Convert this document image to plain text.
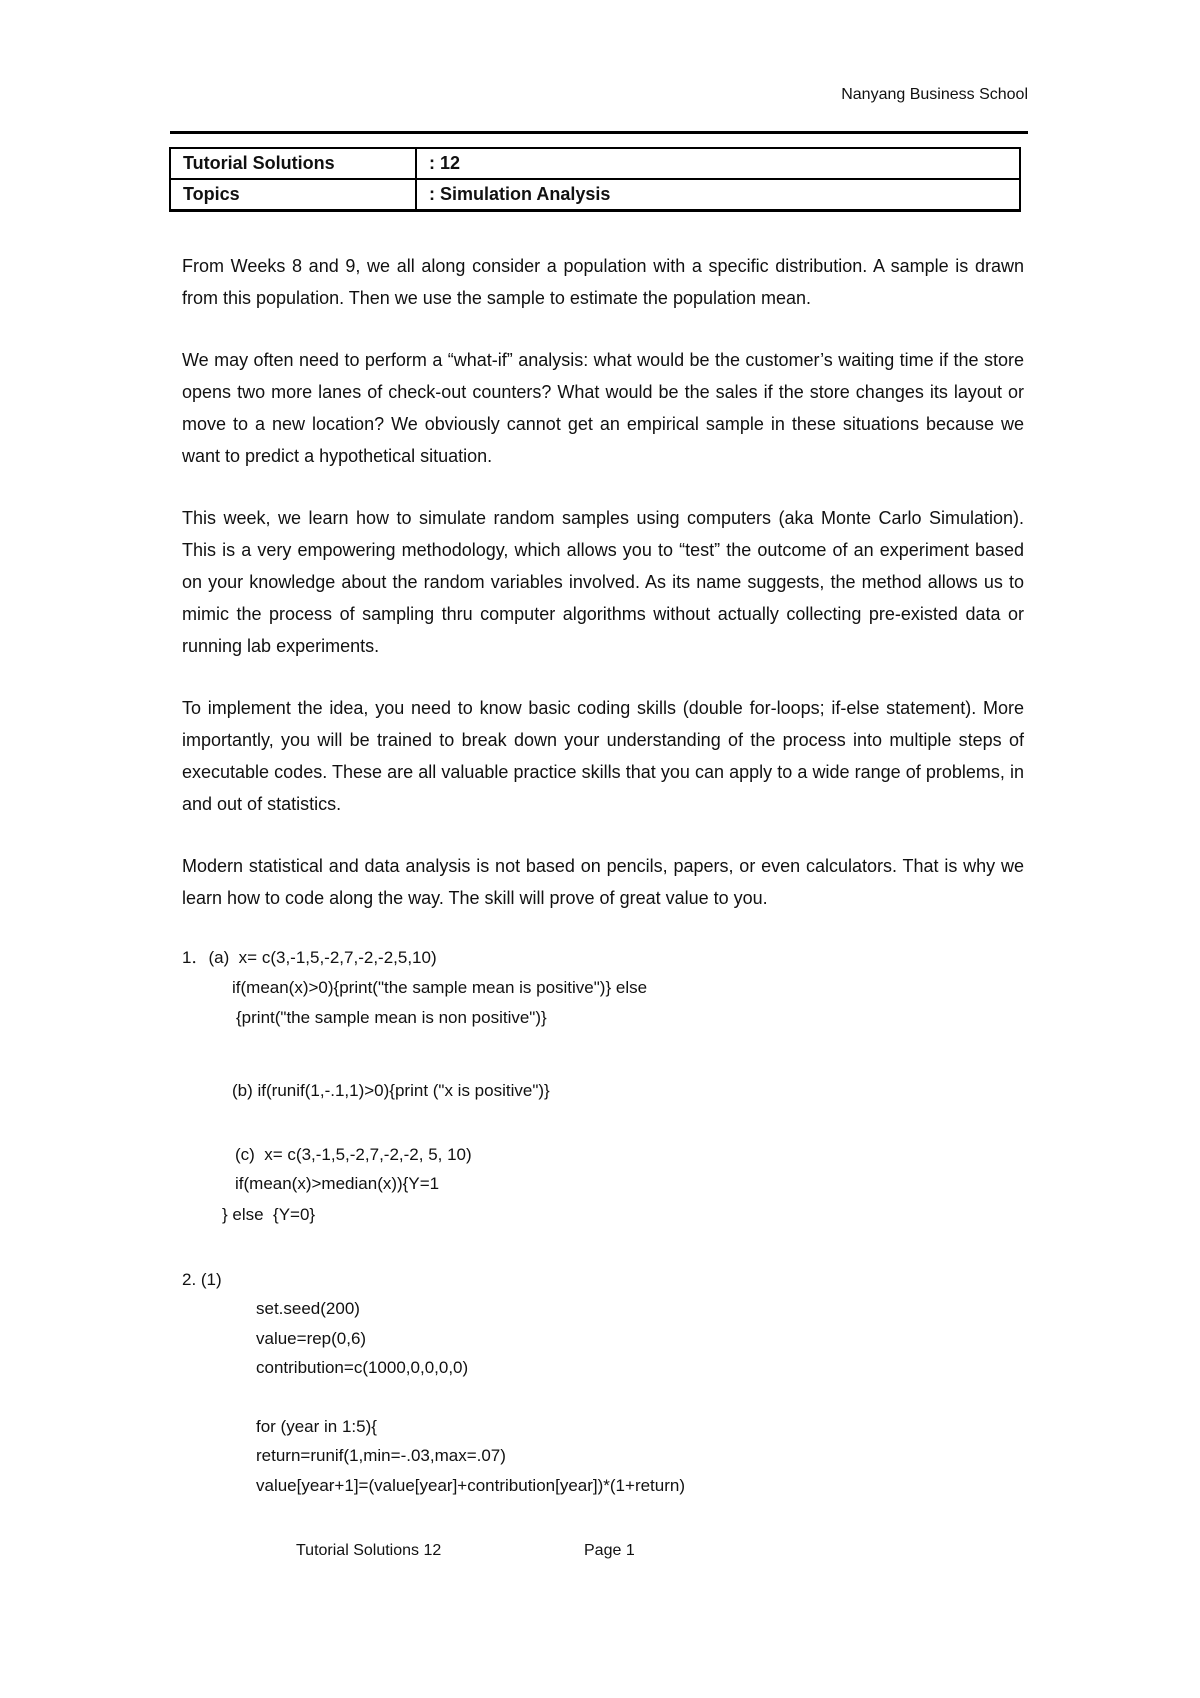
Nanyang Business School
Tutorial Solutions	: 12
Topics	: Simulation Analysis
From Weeks 8 and 9, we all along consider a population with a specific distribution. A sample is drawn from this population. Then we use the sample to estimate the population mean.
We may often need to perform a “what-if” analysis: what would be the customer’s waiting time if the store opens two more lanes of check-out counters? What would be the sales if the store changes its layout or move to a new location? We obviously cannot get an empirical sample in these situations because we want to predict a hypothetical situation.
This week, we learn how to simulate random samples using computers (aka Monte Carlo Simulation). This is a very empowering methodology, which allows you to “test” the outcome of an experiment based on your knowledge about the random variables involved. As its name suggests, the method allows us to mimic the process of sampling thru computer algorithms without actually collecting pre-existed data or running lab experiments.
To implement the idea, you need to know basic coding skills (double for-loops; if-else statement). More importantly, you will be trained to break down your understanding of the process into multiple steps of executable codes. These are all valuable practice skills that you can apply to a wide range of problems, in and out of statistics.
Modern statistical and data analysis is not based on pencils, papers, or even calculators. That is why we learn how to code along the way. The skill will prove of great value to you.
1．(a)  x= c(3,-1,5,-2,7,-2,-2,5,10)
if(mean(x)>0){print("the sample mean is positive")} else
{print("the sample mean is non positive")}
(b) if(runif(1,-.1,1)>0){print ("x is positive")}
(c)  x= c(3,-1,5,-2,7,-2,-2, 5, 10)
if(mean(x)>median(x)){Y=1
} else  {Y=0}
2. (1)
set.seed(200)
value=rep(0,6)
contribution=c(1000,0,0,0,0)
for (year in 1:5){
return=runif(1,min=-.03,max=.07)
value[year+1]=(value[year]+contribution[year])*(1+return)
Tutorial Solutions 12	Page 1
